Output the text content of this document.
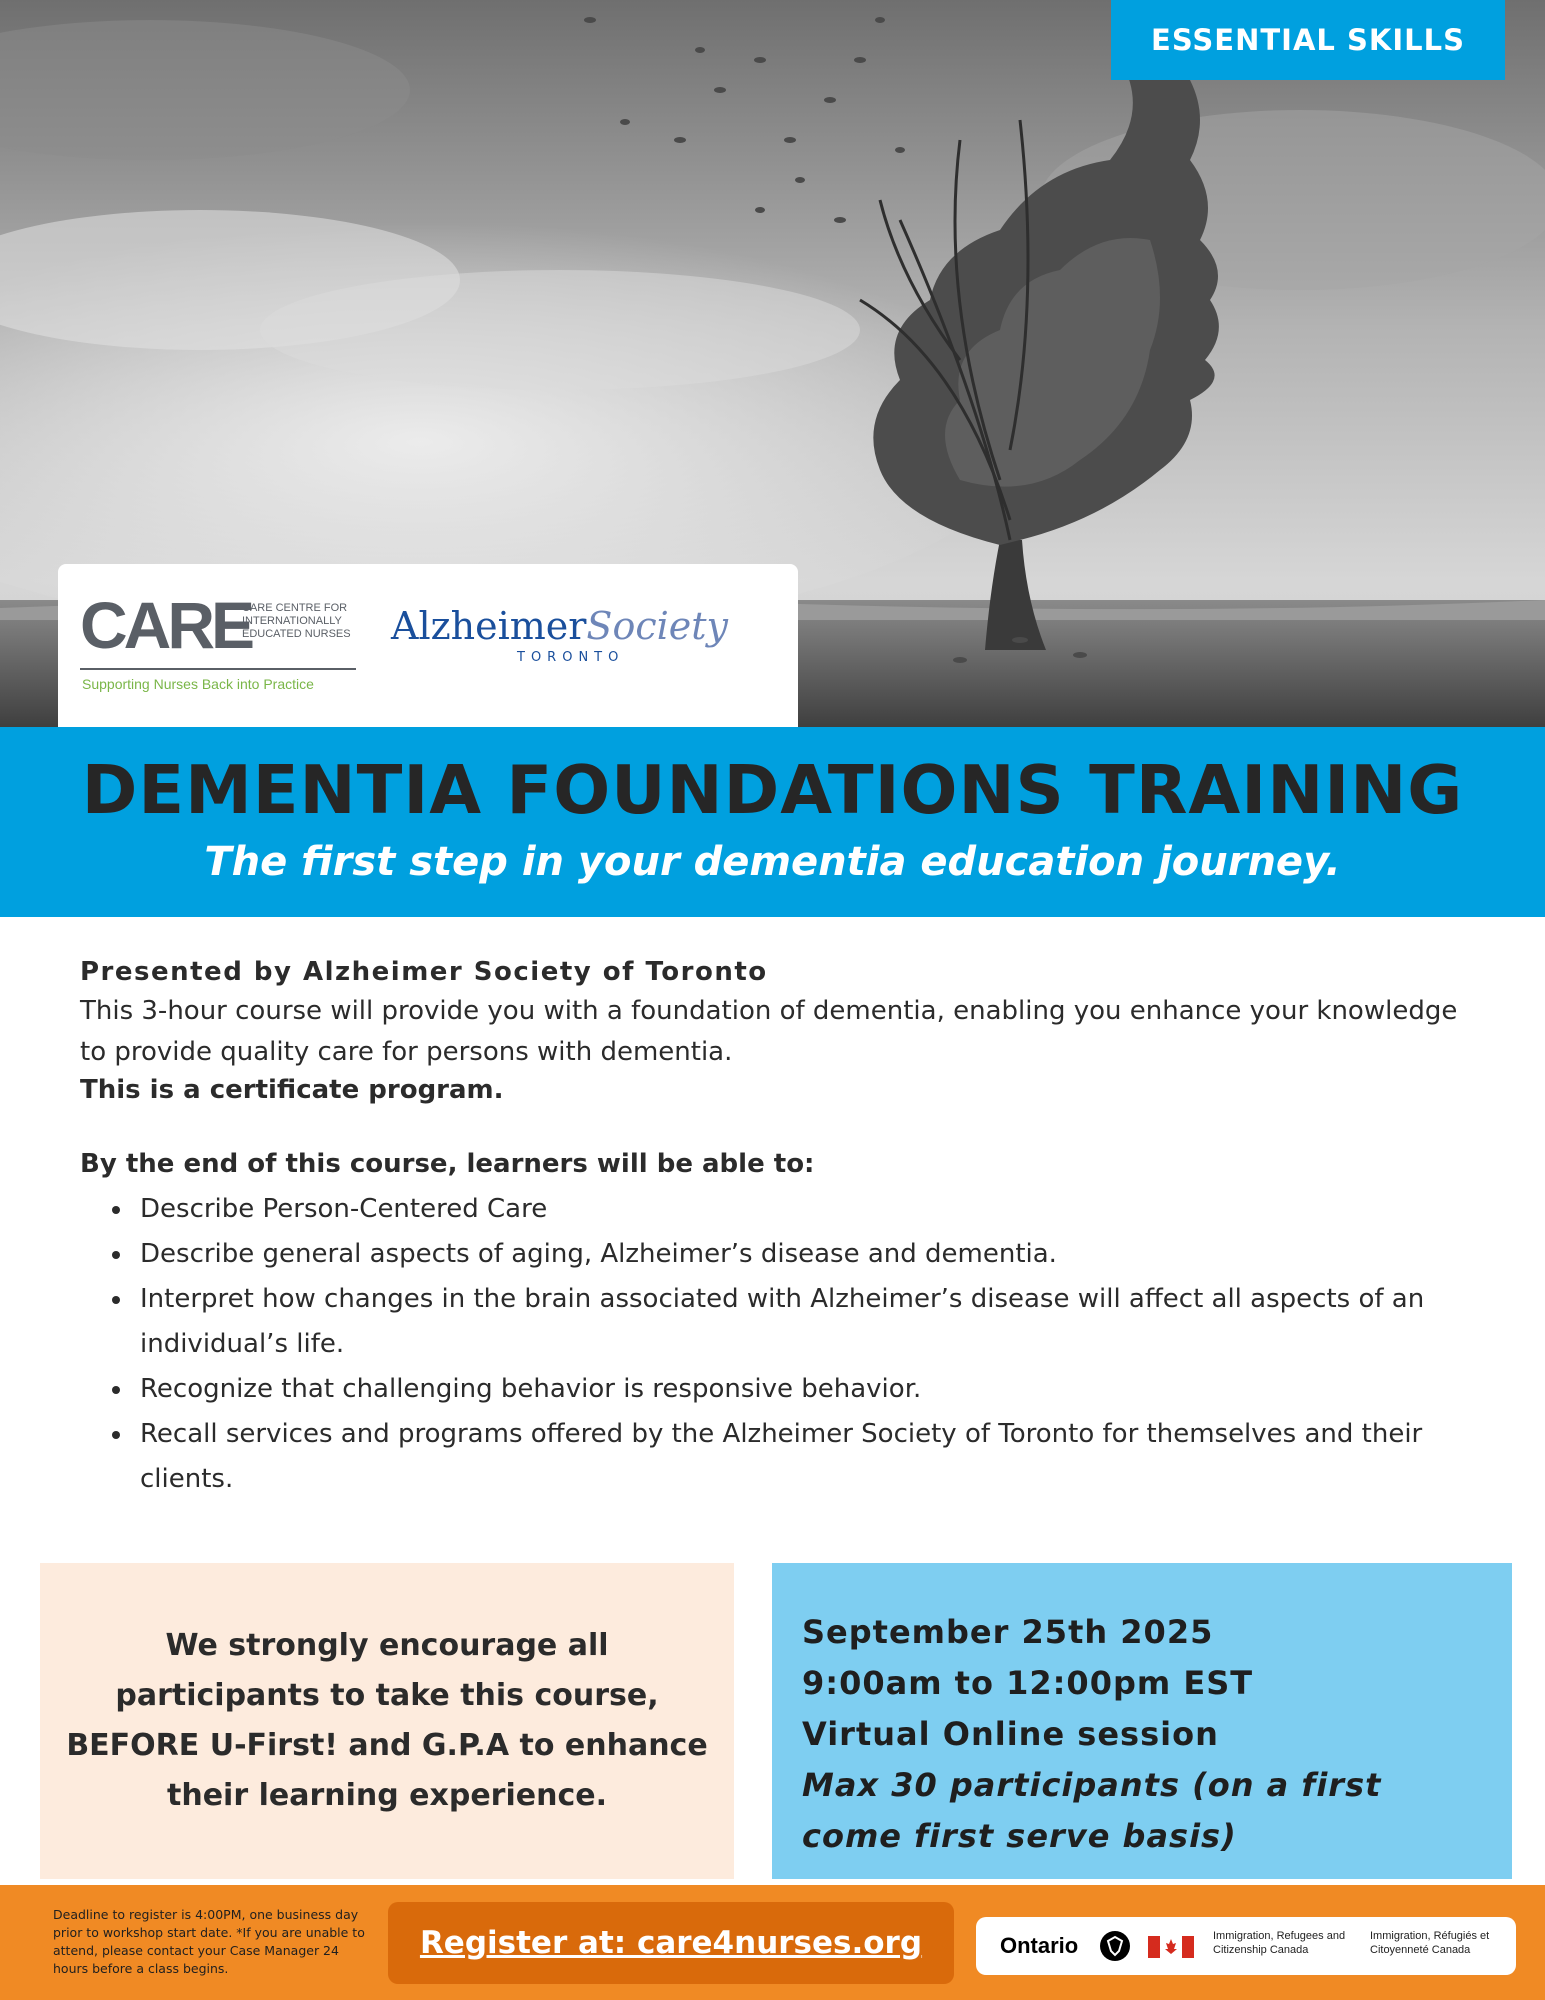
ESSENTIAL SKILLS
CARE
CARE CENTRE FOR INTERNATIONALLY EDUCATED NURSES
Supporting Nurses Back into Practice
AlzheimerSociety
TORONTO
DEMENTIA FOUNDATIONS TRAINING
The first step in your dementia education journey.
Presented by Alzheimer Society of Toronto
This 3-hour course will provide you with a foundation of dementia, enabling you enhance your knowledge to provide quality care for persons with dementia.
This is a certificate program.
By the end of this course, learners will be able to:
• Describe Person-Centered Care
• Describe general aspects of aging, Alzheimer’s disease and dementia.
• Interpret how changes in the brain associated with Alzheimer’s disease will affect all aspects of an individual’s life.
• Recognize that challenging behavior is responsive behavior.
• Recall services and programs offered by the Alzheimer Society of Toronto for themselves and their clients.
We strongly encourage all participants to take this course, BEFORE U-First! and G.P.A to enhance their learning experience.
September 25th 2025
9:00am to 12:00pm EST
Virtual Online session
Max 30 participants (on a first come first serve basis)
Deadline to register is 4:00PM, one business day prior to workshop start date. *If you are unable to attend, please contact your Case Manager 24 hours before a class begins.
Register at: care4nurses.org	Ontario	Immigration, Refugees and Citizenship Canada
Immigration, Réfugiés et Citoyenneté Canada
